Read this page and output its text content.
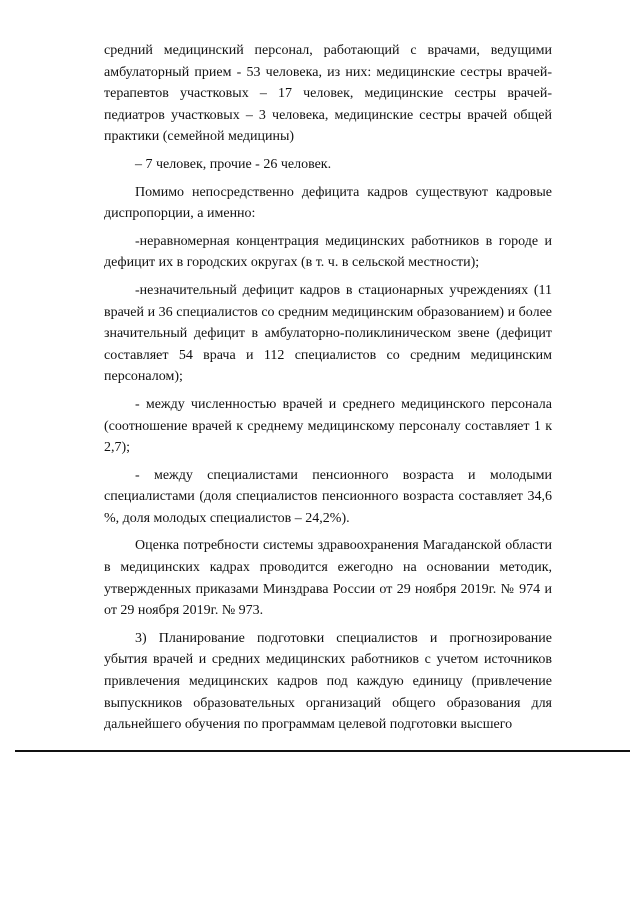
средний медицинский персонал, работающий с врачами, ведущими амбулаторный прием - 53 человека, из них: медицинские сестры врачей-терапевтов участковых – 17 человек, медицинские сестры врачей-педиатров участковых – 3 человека, медицинские сестры врачей общей практики (семейной медицины)

– 7 человек, прочие - 26 человек.

Помимо непосредственно дефицита кадров существуют кадровые диспропорции, а именно:

-неравномерная концентрация медицинских работников в городе и дефицит их в городских округах (в т. ч. в сельской местности);

-незначительный дефицит кадров в стационарных учреждениях (11 врачей и 36 специалистов со средним медицинским образованием) и более значительный дефицит в амбулаторно-поликлиническом звене (дефицит составляет 54 врача и 112 специалистов со средним медицинским персоналом);

- между численностью врачей и среднего медицинского персонала (соотношение врачей к среднему медицинскому персоналу составляет 1 к 2,7);

- между специалистами пенсионного возраста и молодыми специалистами (доля специалистов пенсионного возраста составляет 34,6 %, доля молодых специалистов – 24,2%).

Оценка потребности системы здравоохранения Магаданской области в медицинских кадрах проводится ежегодно на основании методик, утвержденных приказами Минздрава России от 29 ноября 2019г. № 974 и от 29 ноября 2019г. № 973.

3) Планирование подготовки специалистов и прогнозирование убытия врачей и средних медицинских работников с учетом источников привлечения медицинских кадров под каждую единицу (привлечение выпускников образовательных организаций общего образования для дальнейшего обучения по программам целевой подготовки высшего
